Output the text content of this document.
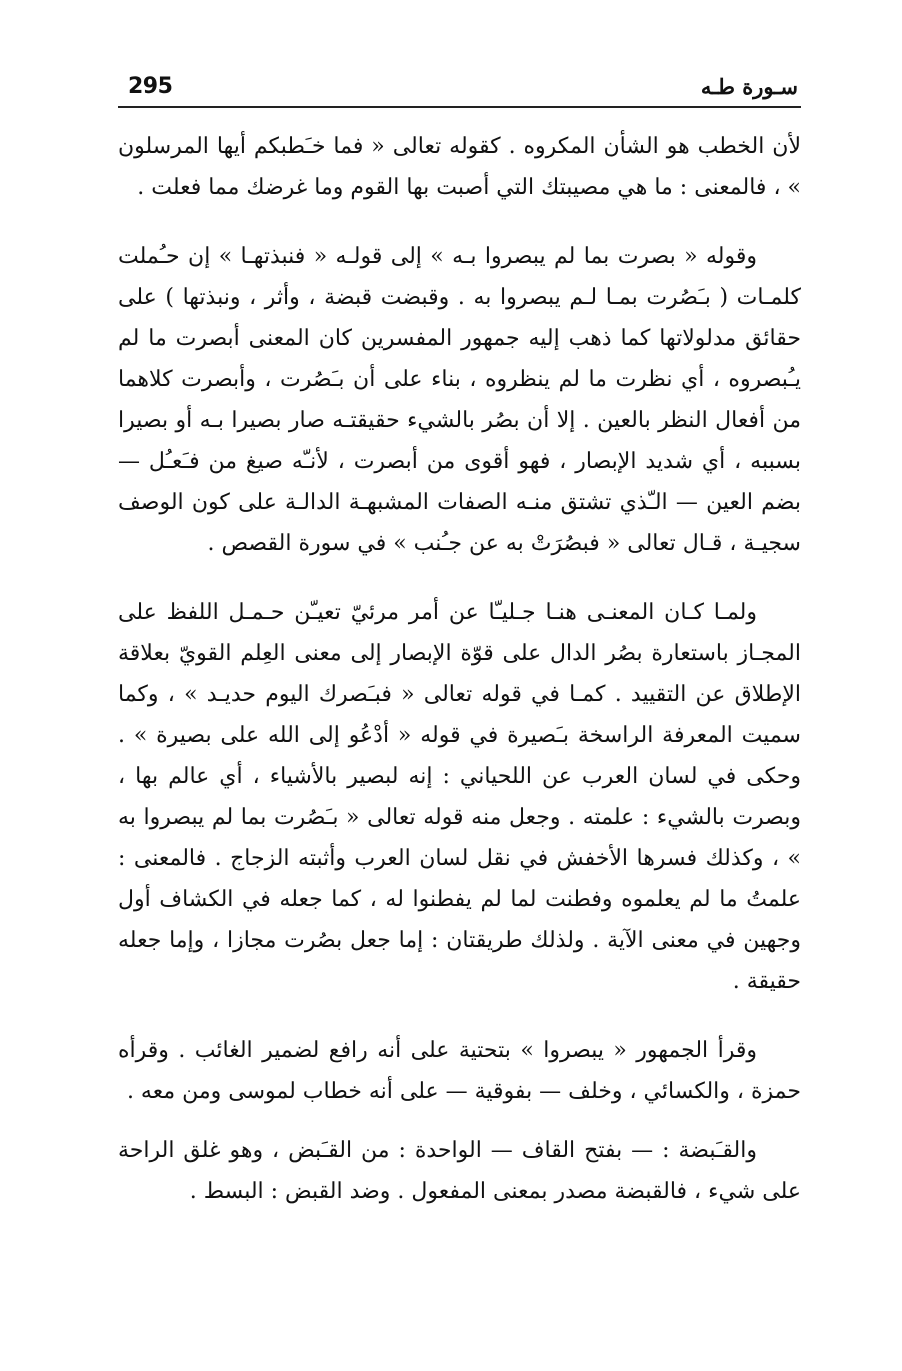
295	سـورة طـه

لأن الخطب هو الشأن المكروه . كقوله تعالى « فما خـَطبكم أيها المرسلون » ، فالمعنى : ما هي مصيبتك التي أصبت بها القوم وما غرضك مما فعلت .

وقوله « بصرت بما لم يبصروا بـه » إلى قولـه « فنبذتهـا » إن حـُملت كلمـات ( بـَصُرت بمـا لـم يبصروا به . وقبضت قبضة ، وأثر ، ونبذتها ) على حقائق مدلولاتها كما ذهب إليه جمهور المفسرين كان المعنى أبصرت ما لم يـُبصروه ، أي نظرت ما لم ينظروه ، بناء على أن بـَصُرت ، وأبصرت كلاهما من أفعال النظر بالعين . إلا أن بصُر بالشيء حقيقتـه صار بصيرا بـه أو بصيرا بسببه ، أي شديد الإبصار ، فهو أقوى من أبصرت ، لأنـّه صيغ من فـَعـُل — بضم العين — الـّذي تشتق منـه الصفات المشبهـة الدالـة على كون الوصف سجيـة ، قـال تعالى « فبصُرَتْ به عن جـُنب » في سورة القصص .

ولمـا كـان المعنـى هنـا جـليـّا عن أمر مرئيّ تعيـّن حـمـل اللفظ على المجـاز باستعارة بصُر الدال على قوّة الإبصار إلى معنى العِلم القويّ بعلاقة الإطلاق عن التقييد . كمـا في قوله تعالى « فبـَصرك اليوم حديـد » ، وكما سميت المعرفة الراسخة بـَصيرة في قوله « أدْعُو إلى الله على بصيرة » . وحكى في لسان العرب عن اللحياني : إنه لبصير بالأشياء ، أي عالم بها ، وبصرت بالشيء : علمته . وجعل منه قوله تعالى « بـَصُرت بما لم يبصروا به » ، وكذلك فسرها الأخفش في نقل لسان العرب وأثبته الزجاج . فالمعنى : علمتُ ما لم يعلموه وفطنت لما لم يفطنوا له ، كما جعله في الكشاف أول وجهين في معنى الآية . ولذلك طريقتان : إما جعل بصُرت مجازا ، وإما جعله حقيقة .

وقرأ الجمهور « يبصروا » بتحتية على أنه رافع لضمير الغائب . وقرأه حمزة ، والكسائي ، وخلف — بفوقية — على أنه خطاب لموسى ومن معه .

والقـَبضة : — بفتح القاف — الواحدة : من القـَبض ، وهو غلق الراحة على شيء ، فالقبضة مصدر بمعنى المفعول . وضد القبض : البسط .
